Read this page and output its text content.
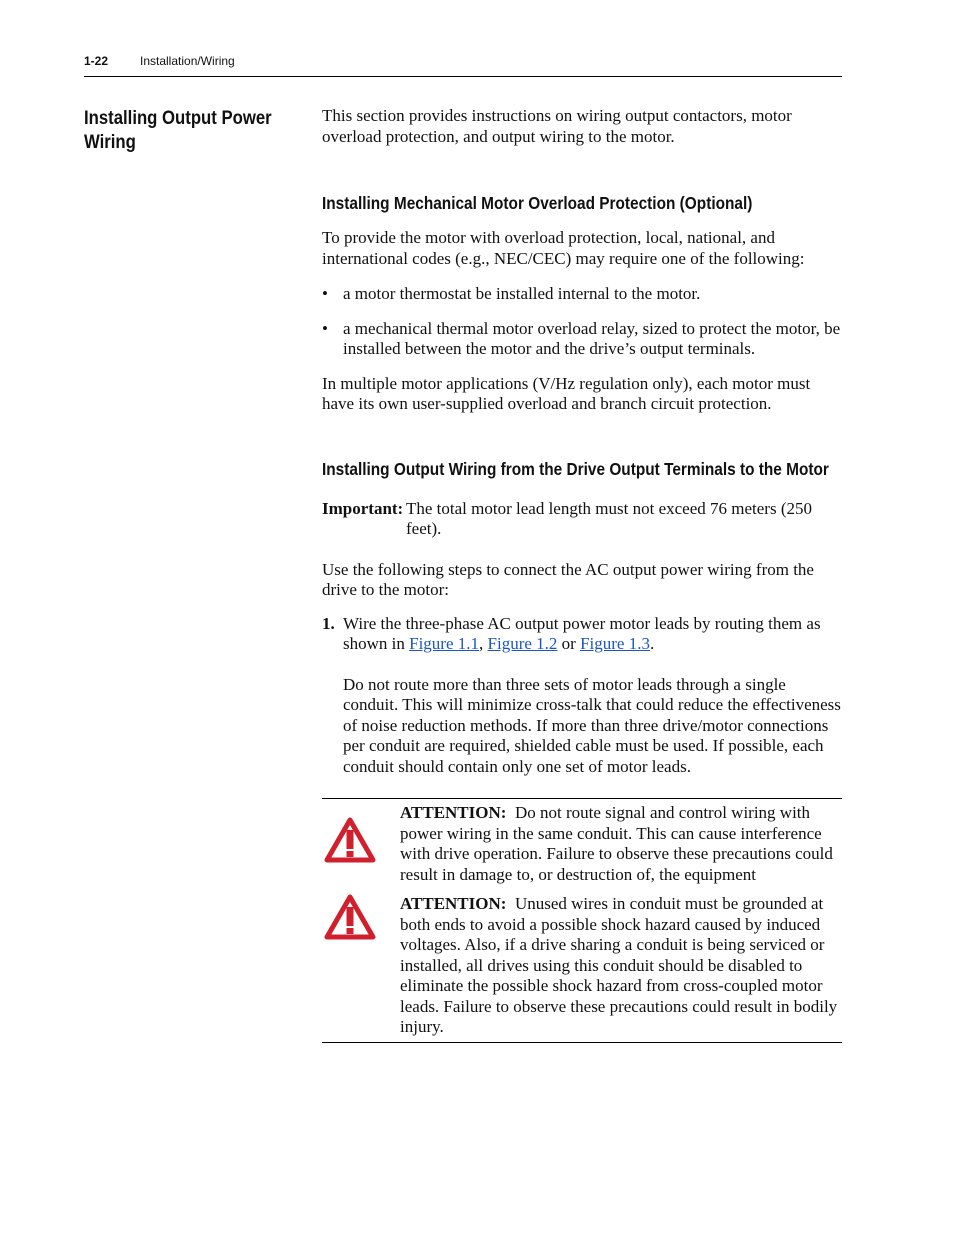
1-22	Installation/Wiring
Installing Output Power Wiring

This section provides instructions on wiring output contactors, motor overload protection, and output wiring to the motor.

Installing Mechanical Motor Overload Protection (Optional)

To provide the motor with overload protection, local, national, and international codes (e.g., NEC/CEC) may require one of the following:

• a motor thermostat be installed internal to the motor.
• a mechanical thermal motor overload relay, sized to protect the motor, be installed between the motor and the drive’s output terminals.

In multiple motor applications (V/Hz regulation only), each motor must have its own user-supplied overload and branch circuit protection.

Installing Output Wiring from the Drive Output Terminals to the Motor
Important: The total motor lead length must not exceed 76 meters (250 feet).

Use the following steps to connect the AC output power wiring from the drive to the motor:

1. Wire the three-phase AC output power motor leads by routing them as shown in Figure 1.1, Figure 1.2 or Figure 1.3.

Do not route more than three sets of motor leads through a single conduit. This will minimize cross-talk that could reduce the effectiveness of noise reduction methods. If more than three drive/motor connections per conduit are required, shielded cable must be used. If possible, each conduit should contain only one set of motor leads.

ATTENTION: Do not route signal and control wiring with power wiring in the same conduit. This can cause interference with drive operation. Failure to observe these precautions could result in damage to, or destruction of, the equipment
ATTENTION: Unused wires in conduit must be grounded at both ends to avoid a possible shock hazard caused by induced voltages. Also, if a drive sharing a conduit is being serviced or installed, all drives using this conduit should be disabled to eliminate the possible shock hazard from cross-coupled motor leads. Failure to observe these precautions could result in bodily injury.
